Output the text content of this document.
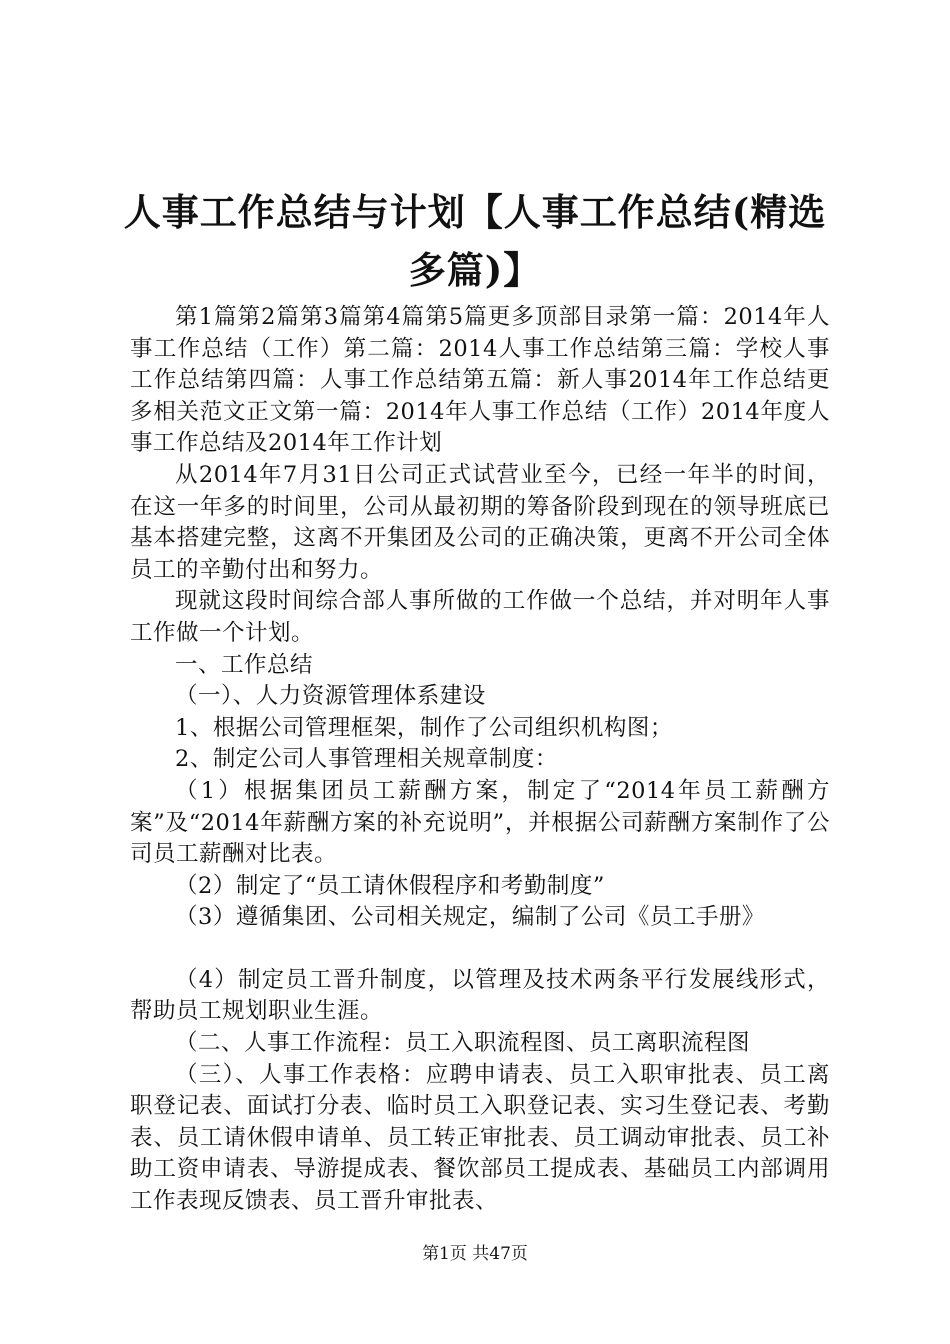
人事工作总结与计划【人事工作总结(精选多篇)】

第1篇第2篇第3篇第4篇第5篇更多顶部目录第一篇：2014年人事工作总结（工作）第二篇：2014人事工作总结第三篇：学校人事工作总结第四篇：人事工作总结第五篇：新人事2014年工作总结更多相关范文正文第一篇：2014年人事工作总结（工作）2014年度人事工作总结及2014年工作计划

从2014年7月31日公司正式试营业至今，已经一年半的时间，在这一年多的时间里，公司从最初期的筹备阶段到现在的领导班底已基本搭建完整，这离不开集团及公司的正确决策，更离不开公司全体员工的辛勤付出和努力。

现就这段时间综合部人事所做的工作做一个总结，并对明年人事工作做一个计划。

一、工作总结

（一）、人力资源管理体系建设

1、根据公司管理框架，制作了公司组织机构图；

2、制定公司人事管理相关规章制度：

（1）根据集团员工薪酬方案，制定了“2014年员工薪酬方案”及“2014年薪酬方案的补充说明”，并根据公司薪酬方案制作了公司员工薪酬对比表。

（2）制定了“员工请休假程序和考勤制度”

（3）遵循集团、公司相关规定，编制了公司《员工手册》

（4）制定员工晋升制度，以管理及技术两条平行发展线形式，帮助员工规划职业生涯。

（二、人事工作流程：员工入职流程图、员工离职流程图

（三）、人事工作表格：应聘申请表、员工入职审批表、员工离职登记表、面试打分表、临时员工入职登记表、实习生登记表、考勤表、员工请休假申请单、员工转正审批表、员工调动审批表、员工补助工资申请表、导游提成表、餐饮部员工提成表、基础员工内部调用工作表现反馈表、员工晋升审批表、

第1页 共47页
